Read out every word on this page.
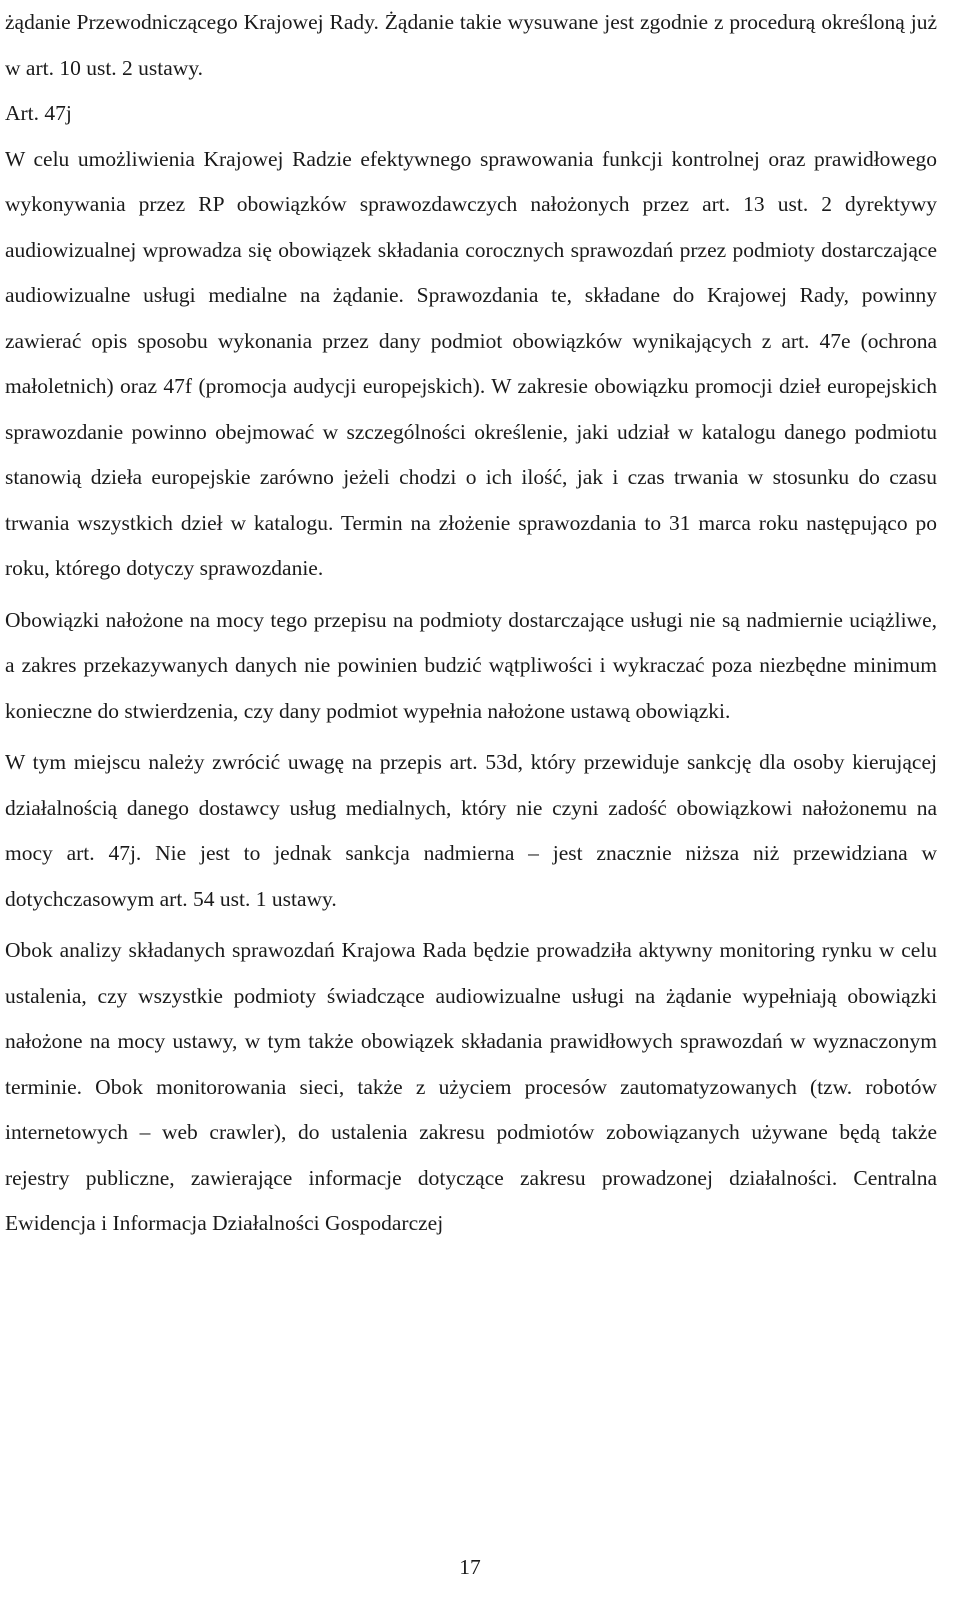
żądanie Przewodniczącego Krajowej Rady. Żądanie takie wysuwane jest zgodnie z procedurą określoną już w art. 10 ust. 2 ustawy.

Art. 47j

W celu umożliwienia Krajowej Radzie efektywnego sprawowania funkcji kontrolnej oraz prawidłowego wykonywania przez RP obowiązków sprawozdawczych nałożonych przez art. 13 ust. 2 dyrektywy audiowizualnej wprowadza się obowiązek składania corocznych sprawozdań przez podmioty dostarczające audiowizualne usługi medialne na żądanie. Sprawozdania te, składane do Krajowej Rady, powinny zawierać opis sposobu wykonania przez dany podmiot obowiązków wynikających z art. 47e (ochrona małoletnich) oraz 47f (promocja audycji europejskich). W zakresie obowiązku promocji dzieł europejskich sprawozdanie powinno obejmować w szczególności określenie, jaki udział w katalogu danego podmiotu stanowią dzieła europejskie zarówno jeżeli chodzi o ich ilość, jak i czas trwania w stosunku do czasu trwania wszystkich dzieł w katalogu. Termin na złożenie sprawozdania to 31 marca roku następująco po roku, którego dotyczy sprawozdanie.

Obowiązki nałożone na mocy tego przepisu na podmioty dostarczające usługi nie są nadmiernie uciążliwe, a zakres przekazywanych danych nie powinien budzić wątpliwości i wykraczać poza niezbędne minimum konieczne do stwierdzenia, czy dany podmiot wypełnia nałożone ustawą obowiązki.

W tym miejscu należy zwrócić uwagę na przepis art. 53d, który przewiduje sankcję dla osoby kierującej działalnością danego dostawcy usług medialnych, który nie czyni zadość obowiązkowi nałożonemu na mocy art. 47j. Nie jest to jednak sankcja nadmierna – jest znacznie niższa niż przewidziana w dotychczasowym art. 54 ust. 1 ustawy.

Obok analizy składanych sprawozdań Krajowa Rada będzie prowadziła aktywny monitoring rynku w celu ustalenia, czy wszystkie podmioty świadczące audiowizualne usługi na żądanie wypełniają obowiązki nałożone na mocy ustawy, w tym także obowiązek składania prawidłowych sprawozdań w wyznaczonym terminie. Obok monitorowania sieci, także z użyciem procesów zautomatyzowanych (tzw. robotów internetowych – web crawler), do ustalenia zakresu podmiotów zobowiązanych używane będą także rejestry publiczne, zawierające informacje dotyczące zakresu prowadzonej działalności. Centralna Ewidencja i Informacja Działalności Gospodarczej

17
